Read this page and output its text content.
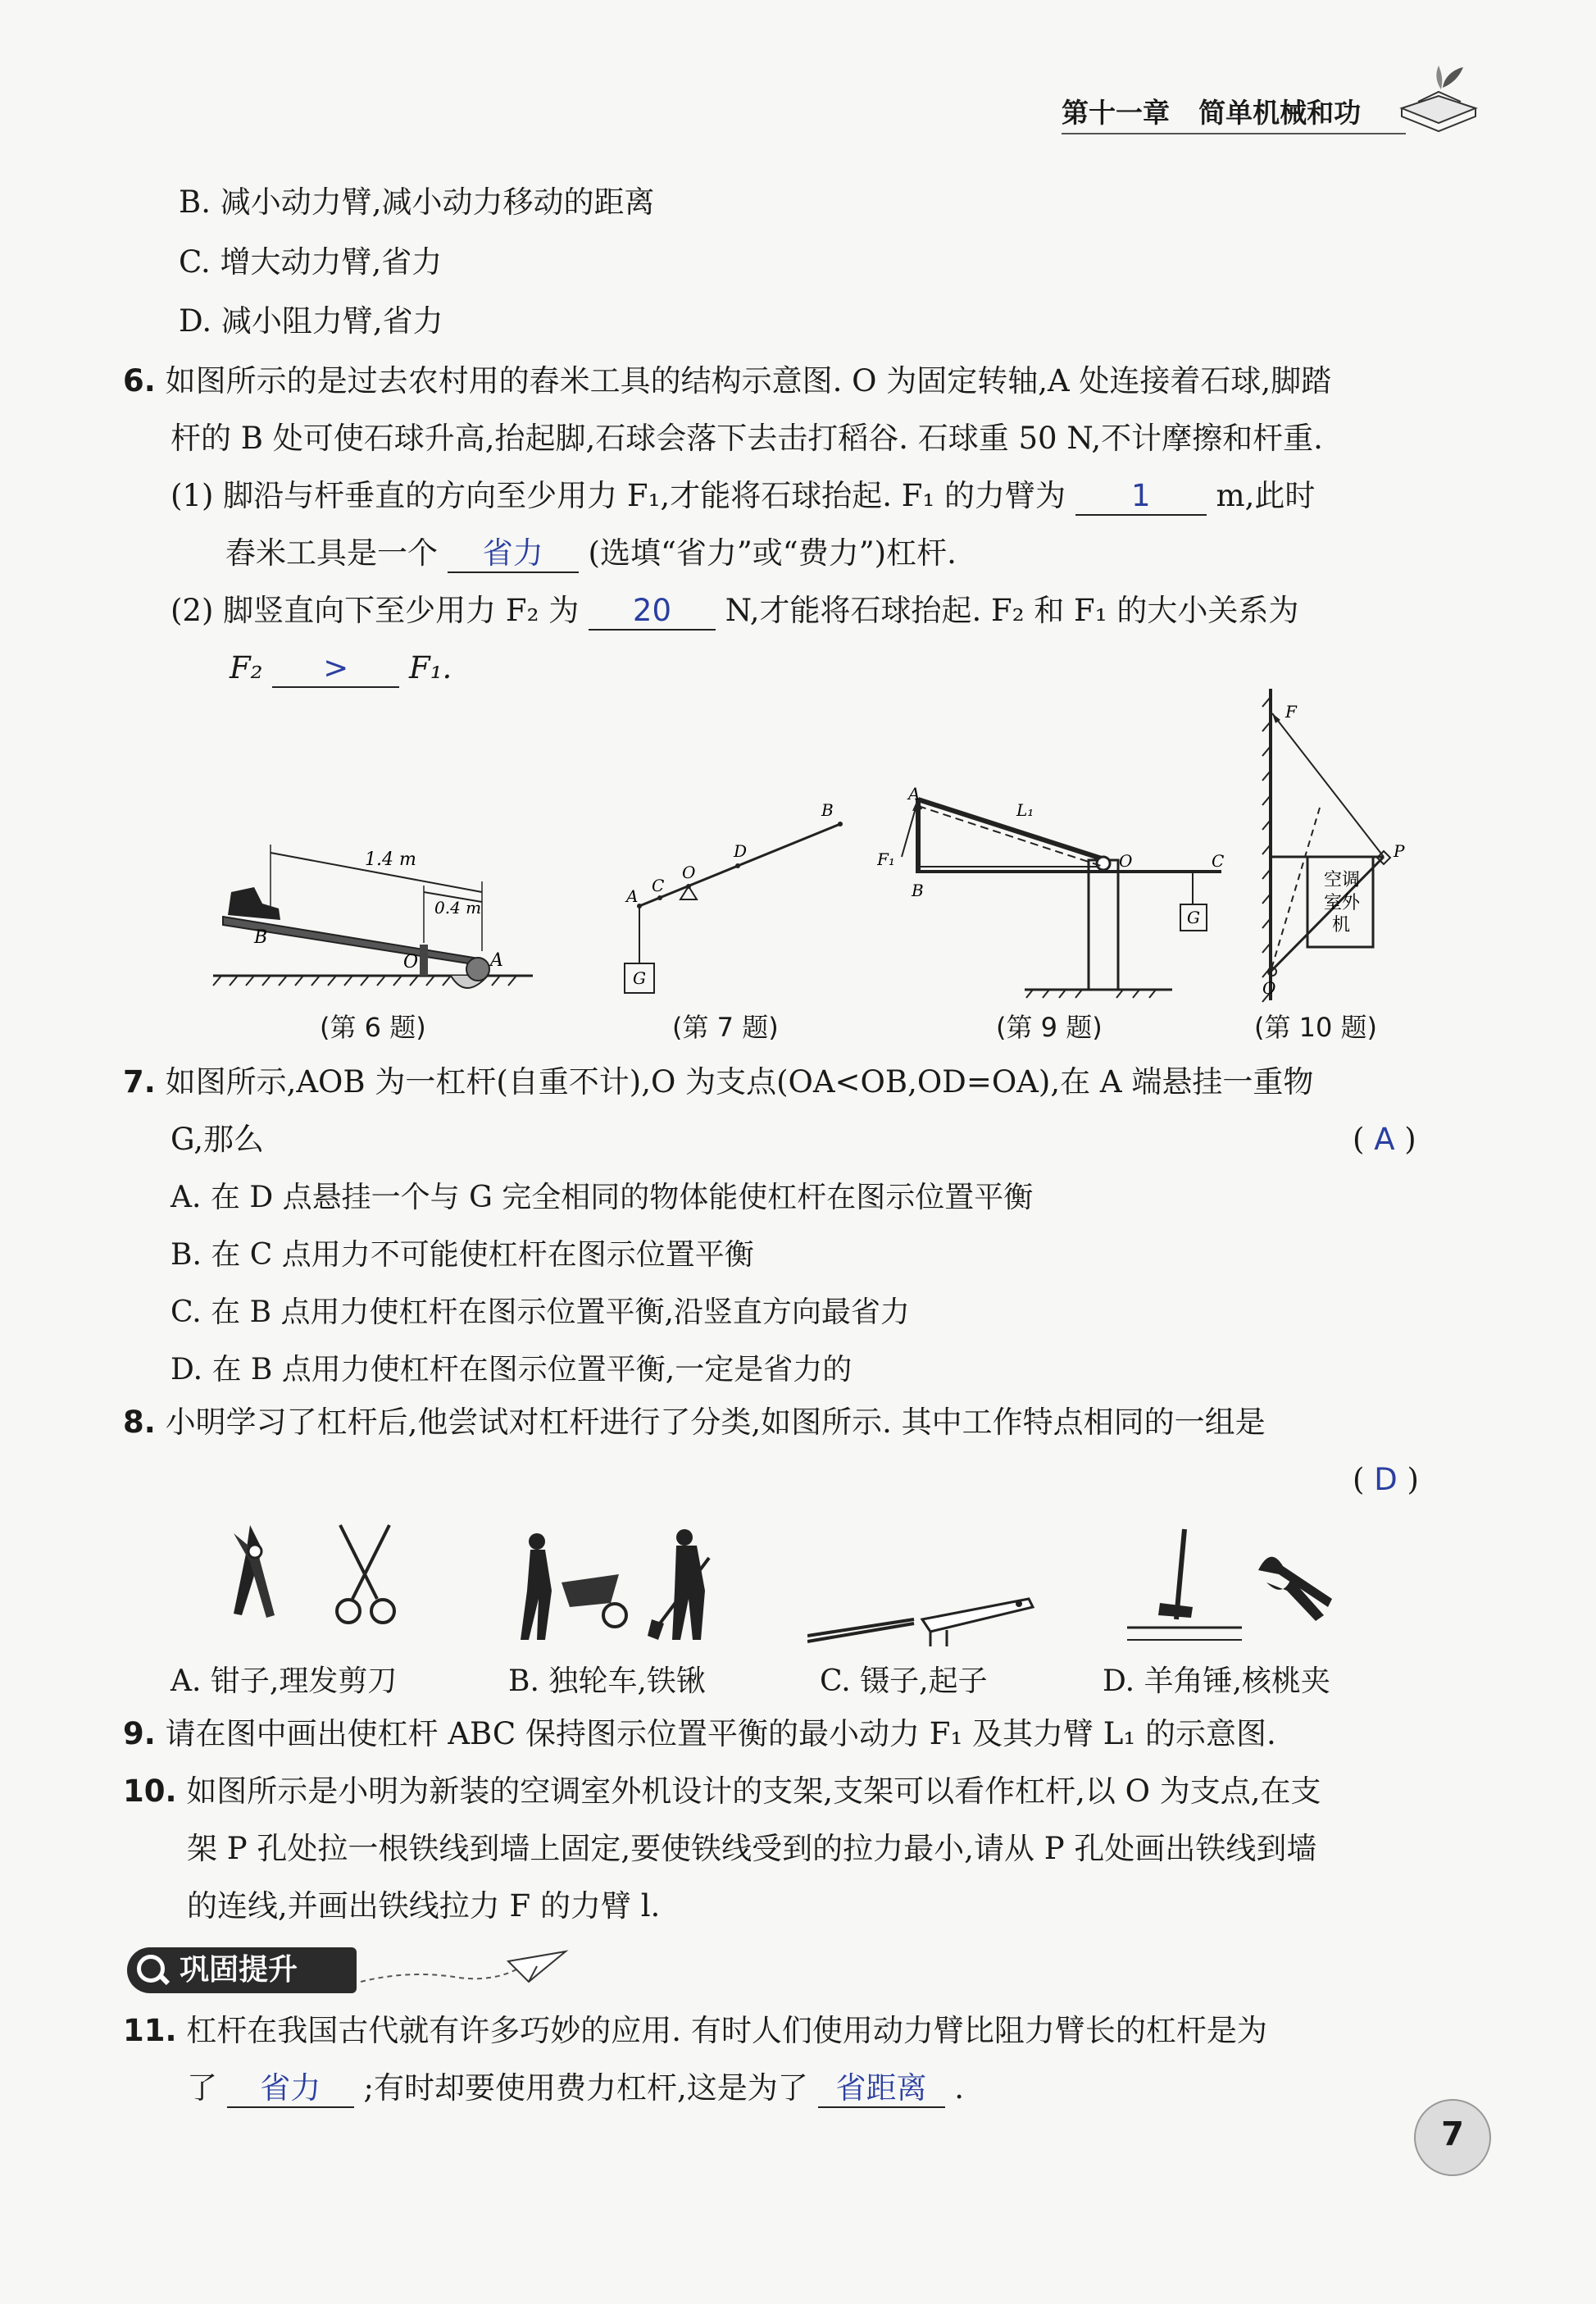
第十一章 简单机械和功
B. 减小动力臂,减小动力移动的距离
C. 增大动力臂,省力
D. 减小阻力臂,省力
6. 如图所示的是过去农村用的舂米工具的结构示意图. O 为固定转轴,A 处连接着石球,脚踏
杆的 B 处可使石球升高,抬起脚,石球会落下去击打稻谷. 石球重 50 N,不计摩擦和杆重.
(1) 脚沿与杆垂直的方向至少用力 F₁,才能将石球抬起. F₁ 的力臂为 1 m,此时
舂米工具是一个 省力 (选填“省力”或“费力”)杠杆.
(2) 脚竖直向下至少用力 F₂ 为 20 N,才能将石球抬起. F₂ 和 F₁ 的大小关系为
F₂ > F₁.
1.4 m
0.4 m
B
O	A
(第 6 题)
G
A
C
O
D
B
(第 7 题)
G
F₁
A
B
O	C
L₁
(第 9 题)
F
P
O
空调
室外
机
(第 10 题)
7. 如图所示,AOB 为一杠杆(自重不计),O 为支点(OA<OB,OD=OA),在 A 端悬挂一重物
G,那么	( A )
A. 在 D 点悬挂一个与 G 完全相同的物体能使杠杆在图示位置平衡
B. 在 C 点用力不可能使杠杆在图示位置平衡
C. 在 B 点用力使杠杆在图示位置平衡,沿竖直方向最省力
D. 在 B 点用力使杠杆在图示位置平衡,一定是省力的
8. 小明学习了杠杆后,他尝试对杠杆进行了分类,如图所示. 其中工作特点相同的一组是
( D )
A. 钳子,理发剪刀	B. 独轮车,铁锹	C. 镊子,起子	D. 羊角锤,核桃夹
9. 请在图中画出使杠杆 ABC 保持图示位置平衡的最小动力 F₁ 及其力臂 L₁ 的示意图.
10. 如图所示是小明为新装的空调室外机设计的支架,支架可以看作杠杆,以 O 为支点,在支
架 P 孔处拉一根铁线到墙上固定,要使铁线受到的拉力最小,请从 P 孔处画出铁线到墙
的连线,并画出铁线拉力 F 的力臂 l.
巩固提升
11. 杠杆在我国古代就有许多巧妙的应用. 有时人们使用动力臂比阻力臂长的杠杆是为
了 省力 ;有时却要使用费力杠杆,这是为了 省距离 .
7
